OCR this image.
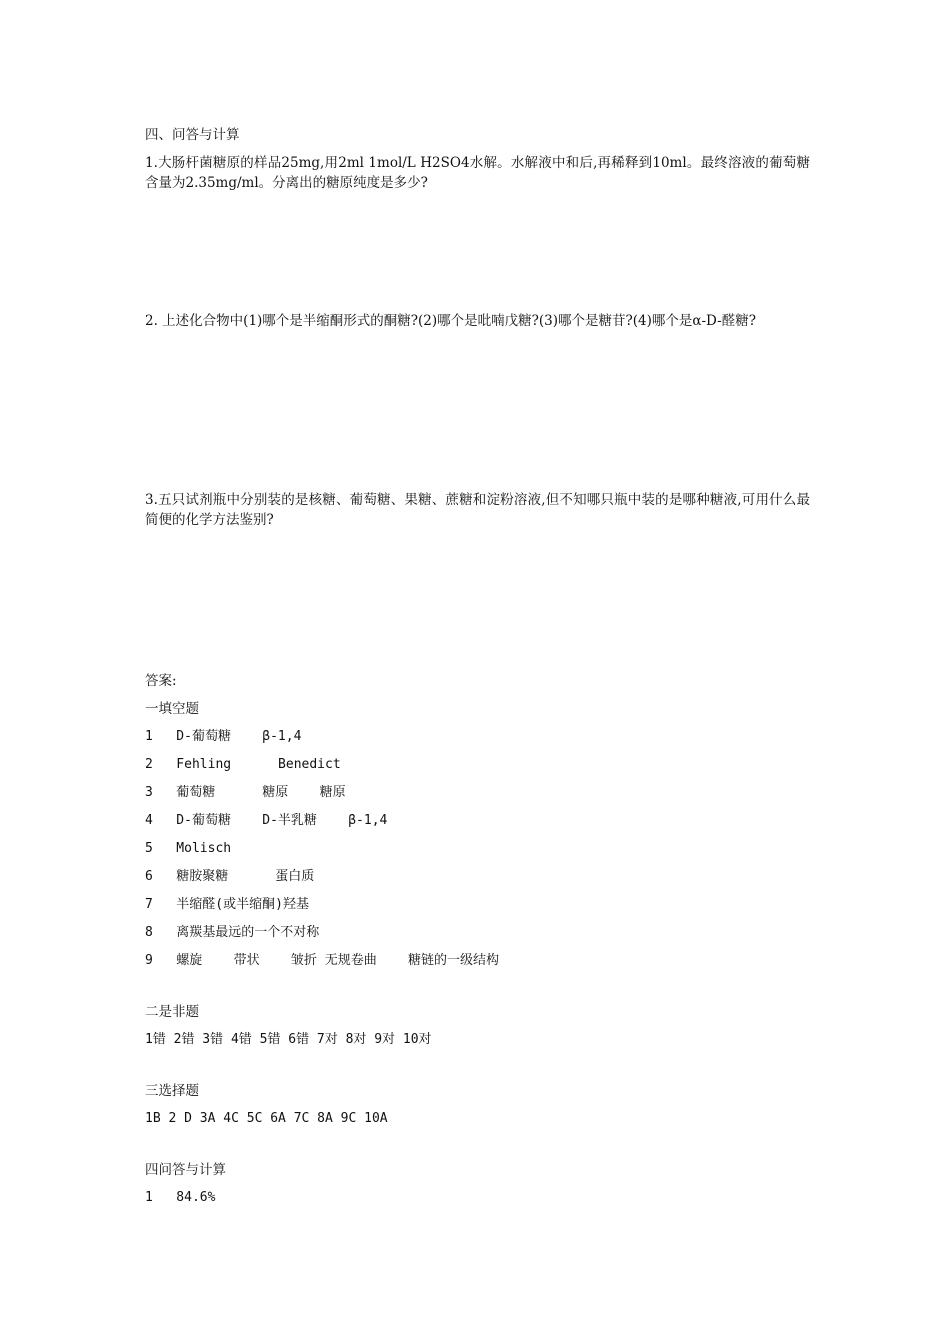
四、问答与计算
1.大肠杆菌糖原的样品25mg,用2ml 1mol/L H2SO4水解。水解液中和后,再稀释到10ml。最终溶液的葡萄糖含量为2.35mg/ml。分离出的糖原纯度是多少?
2. 上述化合物中(1)哪个是半缩酮形式的酮糖?(2)哪个是吡喃戊糖?(3)哪个是糖苷?(4)哪个是α-D-醛糖?
3.五只试剂瓶中分别装的是核糖、葡萄糖、果糖、蔗糖和淀粉溶液,但不知哪只瓶中装的是哪种糖液,可用什么最简便的化学方法鉴别?
答案:
一填空题
1   D-葡萄糖    β-1,4
2   Fehling      Benedict
3   葡萄糖      糖原    糖原
4   D-葡萄糖    D-半乳糖    β-1,4
5   Molisch
6   糖胺聚糖      蛋白质
7   半缩醛(或半缩酮)羟基
8   离羰基最远的一个不对称
9   螺旋    带状    皱折 无规卷曲    糖链的一级结构
二是非题
1错 2错 3错 4错 5错 6错 7对 8对 9对 10对
三选择题
1B 2 D 3A 4C 5C 6A 7C 8A 9C 10A
四问答与计算
1   84.6%
